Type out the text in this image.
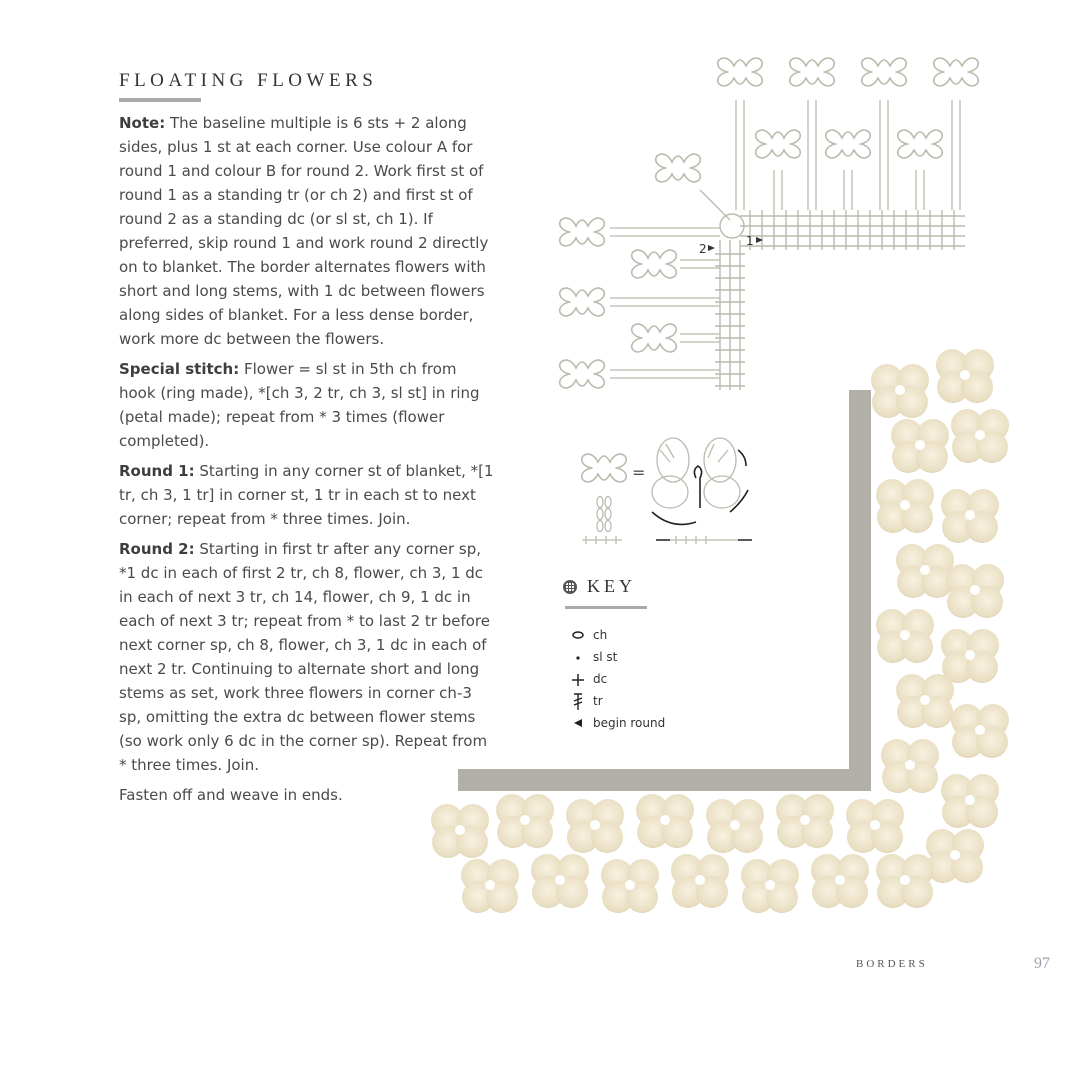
FLOATING FLOWERS

Note: The baseline multiple is 6 sts + 2 along sides, plus 1 st at each corner. Use colour A for round 1 and colour B for round 2. Work first st of round 1 as a standing tr (or ch 2) and first st of round 2 as a standing dc (or sl st, ch 1). If preferred, skip round 1 and work round 2 directly on to blanket. The border alternates flowers with short and long stems, with 1 dc between flowers along sides of blanket. For a less dense border, work more dc between the flowers.

Special stitch: Flower = sl st in 5th ch from hook (ring made), *[ch 3, 2 tr, ch 3, sl st] in ring (petal made); repeat from * 3 times (flower completed).

Round 1: Starting in any corner st of blanket, *[1 tr, ch 3, 1 tr] in corner st, 1 tr in each st to next corner; repeat from * three times. Join.

Round 2: Starting in first tr after any corner sp, *1 dc in each of first 2 tr, ch 8, flower, ch 3, 1 dc in each of next 3 tr, ch 14, flower, ch 9, 1 dc in each of next 3 tr; repeat from * to last 2 tr before next corner sp, ch 8, flower, ch 3, 1 dc in each of next 2 tr. Continuing to alternate short and long stems as set, work three flowers in corner ch-3 sp, omitting the extra dc between flower stems (so work only 6 dc in the corner sp). Repeat from * three times. Join.

Fasten off and weave in ends.

2
1
=
KEY
ch
sl st
dc
tr
begin round
BORDERS	97
